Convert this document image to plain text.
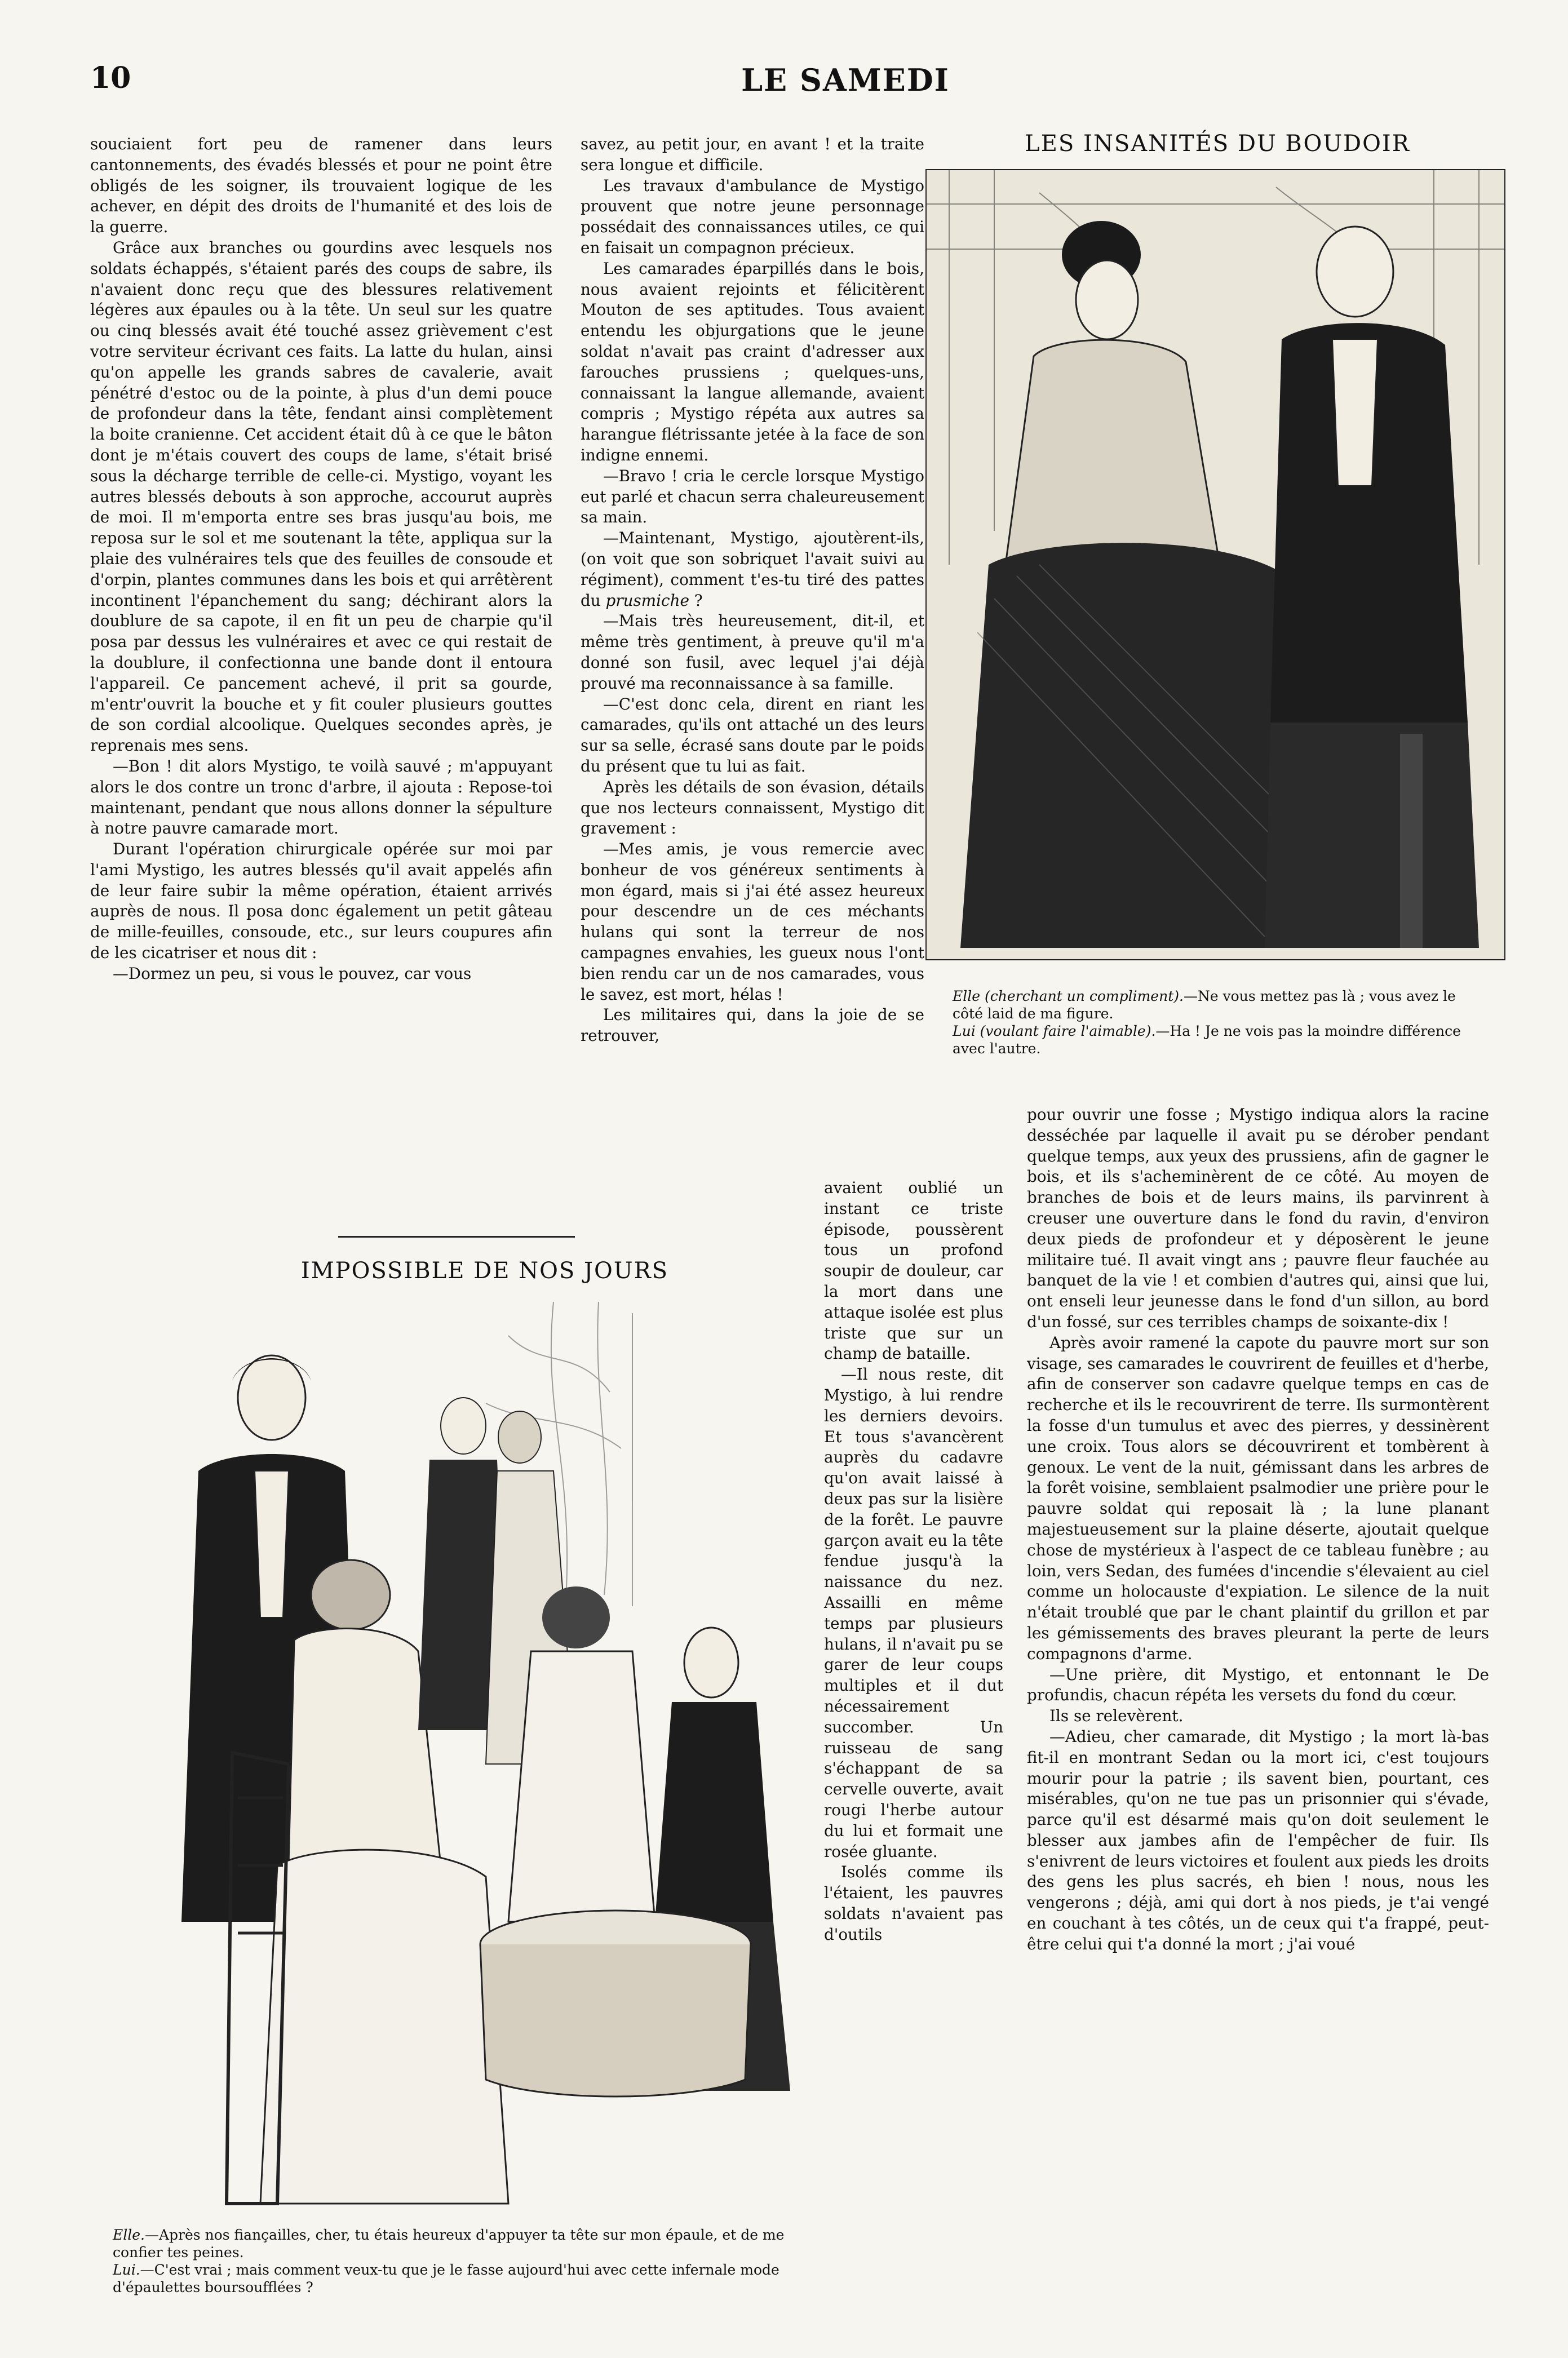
10	LE SAMEDI

souciaient fort peu de ramener dans leurs cantonnements, des évadés blessés et pour ne point être obligés de les soigner, ils trouvaient logique de les achever, en dépit des droits de l'humanité et des lois de la guerre.

Grâce aux branches ou gourdins avec lesquels nos soldats échappés, s'étaient parés des coups de sabre, ils n'avaient donc reçu que des blessures relativement légères aux épaules ou à la tête. Un seul sur les quatre ou cinq blessés avait été touché assez grièvement c'est votre serviteur écrivant ces faits. La latte du hulan, ainsi qu'on appelle les grands sabres de cavalerie, avait pénétré d'estoc ou de la pointe, à plus d'un demi pouce de profondeur dans la tête, fendant ainsi complètement la boite cranienne. Cet accident était dû à ce que le bâton dont je m'étais couvert des coups de lame, s'était brisé sous la décharge terrible de celle-ci. Mystigo, voyant les autres blessés debouts à son approche, accourut auprès de moi. Il m'emporta entre ses bras jusqu'au bois, me reposa sur le sol et me soutenant la tête, appliqua sur la plaie des vulnéraires tels que des feuilles de consoude et d'orpin, plantes communes dans les bois et qui arrêtèrent incontinent l'épanchement du sang; déchirant alors la doublure de sa capote, il en fit un peu de charpie qu'il posa par dessus les vulnéraires et avec ce qui restait de la doublure, il confectionna une bande dont il entoura l'appareil. Ce pancement achevé, il prit sa gourde, m'entr'ouvrit la bouche et y fit couler plusieurs gouttes de son cordial alcoolique. Quelques secondes après, je reprenais mes sens.

—Bon ! dit alors Mystigo, te voilà sauvé ; m'appuyant alors le dos contre un tronc d'arbre, il ajouta : Repose-toi maintenant, pendant que nous allons donner la sépulture à notre pauvre camarade mort.

Durant l'opération chirurgicale opérée sur moi par l'ami Mystigo, les autres blessés qu'il avait appelés afin de leur faire subir la même opération, étaient arrivés auprès de nous. Il posa donc également un petit gâteau de mille-feuilles, consoude, etc., sur leurs coupures afin de les cicatriser et nous dit :

—Dormez un peu, si vous le pouvez, car vous

savez, au petit jour, en avant ! et la traite sera longue et difficile.

Les travaux d'ambulance de Mystigo prouvent que notre jeune personnage possédait des connaissances utiles, ce qui en faisait un compagnon précieux.

Les camarades éparpillés dans le bois, nous avaient rejoints et félicitèrent Mouton de ses aptitudes. Tous avaient entendu les objurgations que le jeune soldat n'avait pas craint d'adresser aux farouches prussiens ; quelques-uns, connaissant la langue allemande, avaient compris ; Mystigo répéta aux autres sa harangue flétrissante jetée à la face de son indigne ennemi.

—Bravo ! cria le cercle lorsque Mystigo eut parlé et chacun serra chaleureusement sa main.

—Maintenant, Mystigo, ajoutèrent-ils, (on voit que son sobriquet l'avait suivi au régiment), comment t'es-tu tiré des pattes du prusmiche ?

—Mais très heureusement, dit-il, et même très gentiment, à preuve qu'il m'a donné son fusil, avec lequel j'ai déjà prouvé ma reconnaissance à sa famille.

—C'est donc cela, dirent en riant les camarades, qu'ils ont attaché un des leurs sur sa selle, écrasé sans doute par le poids du présent que tu lui as fait.

Après les détails de son évasion, détails que nos lecteurs connaissent, Mystigo dit gravement :

—Mes amis, je vous remercie avec bonheur de vos généreux sentiments à mon égard, mais si j'ai été assez heureux pour descendre un de ces méchants hulans qui sont la terreur de nos campagnes envahies, les gueux nous l'ont bien rendu car un de nos camarades, vous le savez, est mort, hélas !

Les militaires qui, dans la joie de se retrouver,

LES INSANITÉS DU BOUDOIR
Elle (cherchant un compliment).—Ne vous mettez pas là ; vous avez le côté laid de ma figure.
Lui (voulant faire l'aimable).—Ha ! Je ne vois pas la moindre différence avec l'autre.
IMPOSSIBLE DE NOS JOURS
Elle.—Après nos fiançailles, cher, tu étais heureux d'appuyer ta tête sur mon épaule, et de me confier tes peines.
Lui.—C'est vrai ; mais comment veux-tu que je le fasse aujourd'hui avec cette infernale mode d'épaulettes boursoufflées ?

avaient oublié un instant ce triste épisode, poussèrent tous un profond soupir de douleur, car la mort dans une attaque isolée est plus triste que sur un champ de bataille.

—Il nous reste, dit Mystigo, à lui rendre les derniers devoirs. Et tous s'avancèrent auprès du cadavre qu'on avait laissé à deux pas sur la lisière de la forêt. Le pauvre garçon avait eu la tête fendue jusqu'à la naissance du nez. Assailli en même temps par plusieurs hulans, il n'avait pu se garer de leur coups multiples et il dut nécessairement succomber. Un ruisseau de sang s'échappant de sa cervelle ouverte, avait rougi l'herbe autour du lui et formait une rosée gluante.

Isolés comme ils l'étaient, les pauvres soldats n'avaient pas d'outils

pour ouvrir une fosse ; Mystigo indiqua alors la racine desséchée par laquelle il avait pu se dérober pendant quelque temps, aux yeux des prussiens, afin de gagner le bois, et ils s'acheminèrent de ce côté. Au moyen de branches de bois et de leurs mains, ils parvinrent à creuser une ouverture dans le fond du ravin, d'environ deux pieds de profondeur et y déposèrent le jeune militaire tué. Il avait vingt ans ; pauvre fleur fauchée au banquet de la vie ! et combien d'autres qui, ainsi que lui, ont enseli leur jeunesse dans le fond d'un sillon, au bord d'un fossé, sur ces terribles champs de soixante-dix !

Après avoir ramené la capote du pauvre mort sur son visage, ses camarades le couvrirent de feuilles et d'herbe, afin de conserver son cadavre quelque temps en cas de recherche et ils le recouvrirent de terre. Ils surmontèrent la fosse d'un tumulus et avec des pierres, y dessinèrent une croix. Tous alors se découvrirent et tombèrent à genoux. Le vent de la nuit, gémissant dans les arbres de la forêt voisine, semblaient psalmodier une prière pour le pauvre soldat qui reposait là ; la lune planant majestueusement sur la plaine déserte, ajoutait quelque chose de mystérieux à l'aspect de ce tableau funèbre ; au loin, vers Sedan, des fumées d'incendie s'élevaient au ciel comme un holocauste d'expiation. Le silence de la nuit n'était troublé que par le chant plaintif du grillon et par les gémissements des braves pleurant la perte de leurs compagnons d'arme.

—Une prière, dit Mystigo, et entonnant le De profundis, chacun répéta les versets du fond du cœur.

Ils se relevèrent.

—Adieu, cher camarade, dit Mystigo ; la mort là-bas fit-il en montrant Sedan ou la mort ici, c'est toujours mourir pour la patrie ; ils savent bien, pourtant, ces misérables, qu'on ne tue pas un prisonnier qui s'évade, parce qu'il est désarmé mais qu'on doit seulement le blesser aux jambes afin de l'empêcher de fuir. Ils s'enivrent de leurs victoires et foulent aux pieds les droits des gens les plus sacrés, eh bien ! nous, nous les vengerons ; déjà, ami qui dort à nos pieds, je t'ai vengé en couchant à tes côtés, un de ceux qui t'a frappé, peut-être celui qui t'a donné la mort ; j'ai voué
